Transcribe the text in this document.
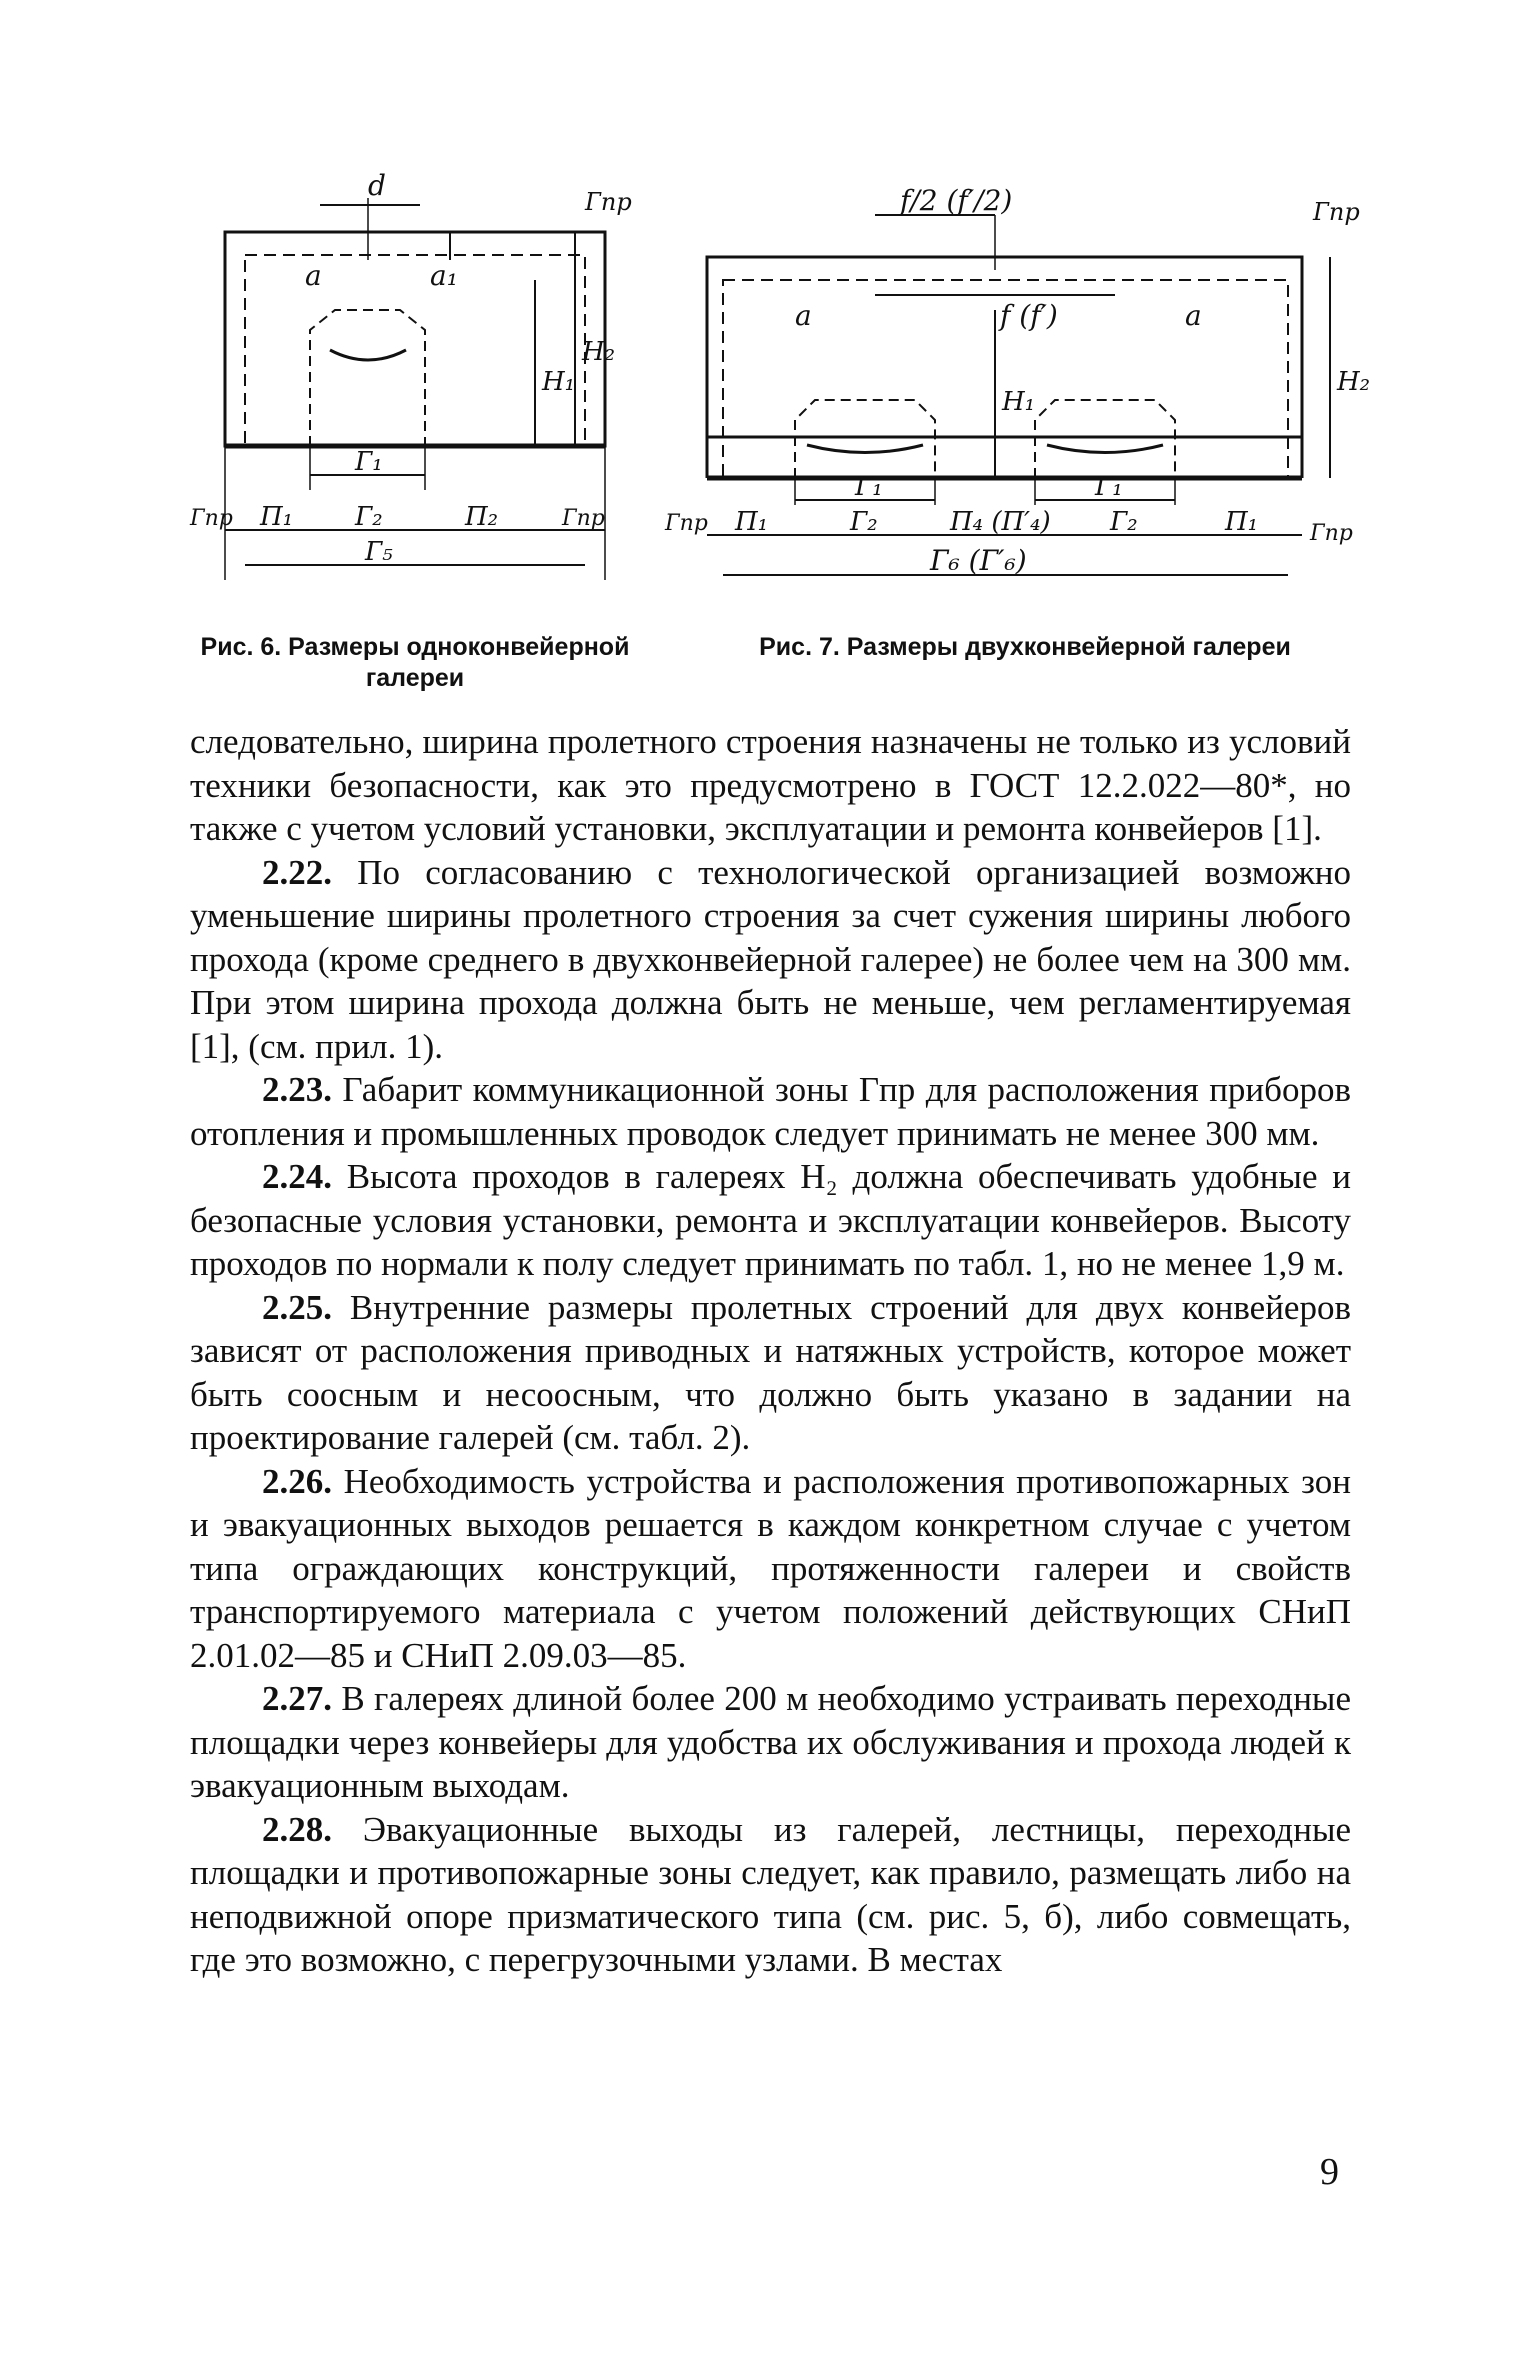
d
a	a₁
Гпр
H₂
H₁
Г₁
Гпр П₁ Г₂	П₂	Гпр
Г₅
Рис. 6. Размеры одноконвейерной
галереи
f/2 (f′/2)	Гпр
a	f (f′)	a
H₂
H₁
Г₁	Г₁
Гпр П₁	Г₂	П₄ (П′₄) Г₂	П₁ Гпр
Г₆ (Г′₆)
Рис. 7. Размеры двухконвейерной галереи

следовательно, ширина пролетного строения назначены не только из условий техники безопасности, как это предусмотрено в ГОСТ 12.2.022—80*, но также с учетом условий установки, эксплуатации и ремонта конвейеров [1].

2.22. По согласованию с технологической организацией возможно уменьшение ширины пролетного строения за счет сужения ширины любого прохода (кроме среднего в двухконвейерной галерее) не более чем на 300 мм. При этом ширина прохода должна быть не меньше, чем регламентируемая [1], (см. прил. 1).

2.23. Габарит коммуникационной зоны Гпр для расположения приборов отопления и промышленных проводок следует принимать не менее 300 мм.

2.24. Высота проходов в галереях H₂ должна обеспечивать удобные и безопасные условия установки, ремонта и эксплуатации конвейеров. Высоту проходов по нормали к полу следует принимать по табл. 1, но не менее 1,9 м.

2.25. Внутренние размеры пролетных строений для двух конвейеров зависят от расположения приводных и натяжных устройств, которое может быть соосным и несоосным, что должно быть указано в задании на проектирование галерей (см. табл. 2).

2.26. Необходимость устройства и расположения противопожарных зон и эвакуационных выходов решается в каждом конкретном случае с учетом типа ограждающих конструкций, протяженности галереи и свойств транспортируемого материала с учетом положений действующих СНиП 2.01.02—85 и СНиП 2.09.03—85.

2.27. В галереях длиной более 200 м необходимо устраивать переходные площадки через конвейеры для удобства их обслуживания и прохода людей к эвакуационным выходам.

2.28. Эвакуационные выходы из галерей, лестницы, переходные площадки и противопожарные зоны следует, как правило, размещать либо на неподвижной опоре призматического типа (см. рис. 5, б), либо совмещать, где это возможно, с перегрузочными узлами. В местах

9
